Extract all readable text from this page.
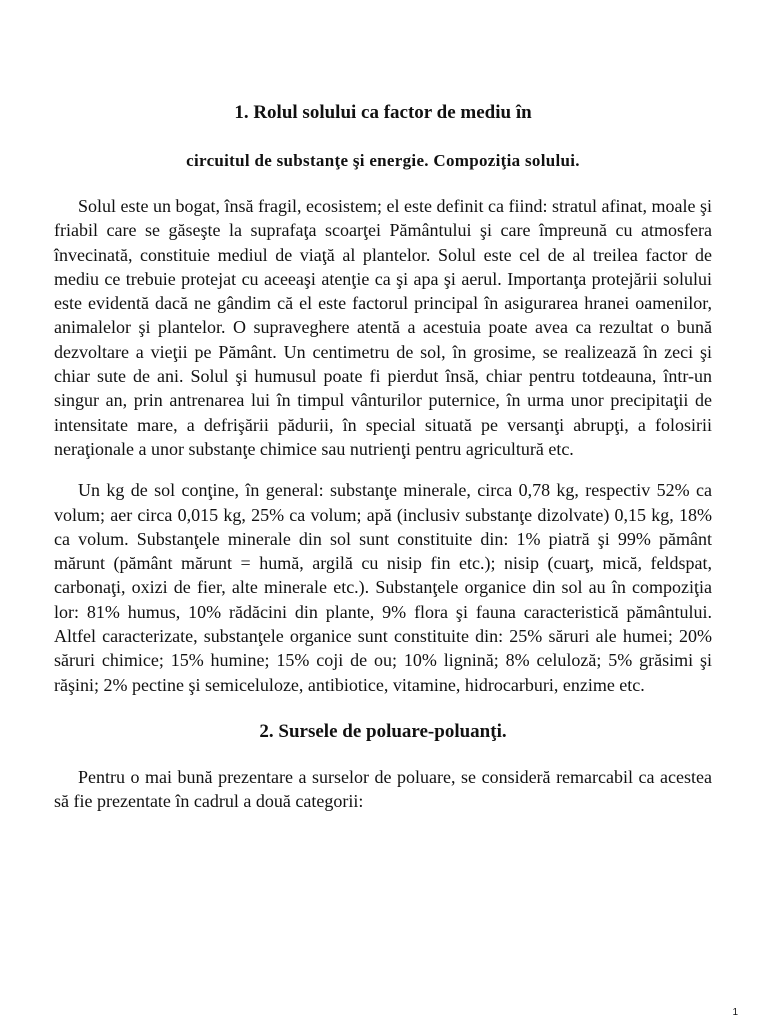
1. Rolul solului ca factor de mediu în
circuitul de substanţe şi energie. Compoziţia solului.

Solul este un bogat, însă fragil, ecosistem; el este definit ca fiind: stratul afinat, moale şi friabil care se găseşte la suprafaţa scoarţei Pământului şi care împreună cu atmosfera învecinată, constituie mediul de viaţă al plantelor. Solul este cel de al treilea factor de mediu ce trebuie protejat cu aceeaşi atenţie ca şi apa şi aerul. Importanţa protejării solului este evidentă dacă ne gândim că el este factorul principal în asigurarea hranei oamenilor, animalelor şi plantelor. O supraveghere atentă a acestuia poate avea ca rezultat o bună dezvoltare a vieţii pe Pământ. Un centimetru de sol, în grosime, se realizează în zeci şi chiar sute de ani. Solul şi humusul poate fi pierdut însă, chiar pentru totdeauna, într-un singur an, prin antrenarea lui în timpul vânturilor puternice, în urma unor precipitaţii de intensitate mare, a defrişării pădurii, în special situată pe versanţi abrupţi, a folosirii neraţionale a unor substanţe chimice sau nutrienţi pentru agricultură etc.

Un kg de sol conţine, în general: substanţe minerale, circa 0,78 kg, respectiv 52% ca volum; aer circa 0,015 kg, 25% ca volum; apă (inclusiv substanţe dizolvate) 0,15 kg, 18% ca volum. Substanţele minerale din sol sunt constituite din: 1% piatră şi 99% pământ mărunt (pământ mărunt = humă, argilă cu nisip fin etc.); nisip (cuarţ, mică, feldspat, carbonaţi, oxizi de fier, alte minerale etc.). Substanţele organice din sol au în compoziţia lor: 81% humus, 10% rădăcini din plante, 9% flora şi fauna caracteristică pământului. Altfel caracterizate, substanţele organice sunt constituite din: 25% săruri ale humei; 20% săruri chimice; 15% humine; 15% coji de ou; 10% lignină; 8% celuloză; 5% grăsimi şi răşini; 2% pectine şi semiceluloze, antibiotice, vitamine, hidrocarburi, enzime etc.

2. Sursele de poluare-poluanţi.

Pentru o mai bună prezentare a surselor de poluare, se consideră remarcabil ca acestea să fie prezentate în cadrul a două categorii:

1
